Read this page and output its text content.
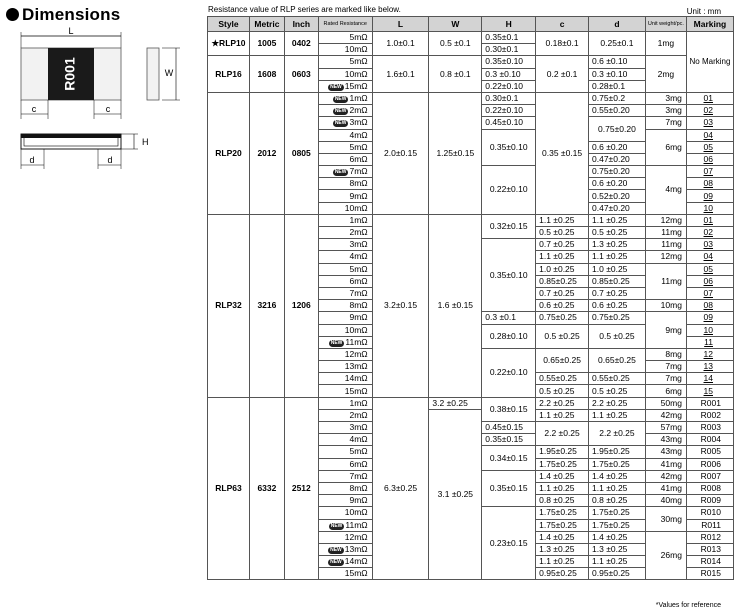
Dimensions	Resistance value of RLP series are marked like below.	Unit : mm
*Values for reference
L
R001
c	c
W
H
d	d
Style	Metric	Inch	Rated Resistance	L	W	H	c	d	Unit weight/pc.	Marking
★RLP10	1005	0402	5mΩ	1.0±0.1	0.5 ±0.1	0.35±0.1	0.18±0.1	0.25±0.1	1mg	No Marking
			10mΩ			0.30±0.1				
RLP16	1608	0603	5mΩ	1.6±0.1	0.8 ±0.1	0.35±0.10	0.2 ±0.1	0.6 ±0.10	2mg	
			10mΩ			0.3 ±0.10		0.3 ±0.10		
			NEW 15mΩ			0.22±0.10		0.28±0.1		
RLP20	2012	0805	NEW 1mΩ	2.0±0.15	1.25±0.15	0.30±0.1	0.35 ±0.15	0.75±0.2	3mg	01
			NEW 2mΩ			0.22±0.10		0.55±0.20	3mg	02
			NEW 3mΩ			0.45±0.10		0.75±0.20	7mg	03
			4mΩ			0.35±0.10			6mg	04
			5mΩ					0.6 ±0.20		05
			6mΩ					0.47±0.20		06
			NEW 7mΩ			0.22±0.10		0.75±0.20	4mg	07
			8mΩ					0.6 ±0.20		08
			9mΩ					0.52±0.20		09
			10mΩ					0.47±0.20		10
RLP32	3216	1206	1mΩ	3.2±0.15	1.6 ±0.15	0.32±0.15	1.1 ±0.25	1.1 ±0.25	12mg	01
			2mΩ				0.5 ±0.25	0.5 ±0.25	11mg	02
			3mΩ			0.35±0.10	0.7 ±0.25	1.3 ±0.25	11mg	03
			4mΩ				1.1 ±0.25	1.1 ±0.25	12mg	04
			5mΩ				1.0 ±0.25	1.0 ±0.25	11mg	05
			6mΩ				0.85±0.25	0.85±0.25		06
			7mΩ				0.7 ±0.25	0.7 ±0.25		07
			8mΩ				0.6 ±0.25	0.6 ±0.25	10mg	08
			9mΩ			0.3 ±0.1	0.75±0.25	0.75±0.25	9mg	09
			10mΩ			0.28±0.10	0.5 ±0.25	0.5 ±0.25		10
			NEW 11mΩ							11
			12mΩ			0.22±0.10	0.65±0.25	0.65±0.25	8mg	12
			13mΩ						7mg	13
			14mΩ				0.55±0.25	0.55±0.25	7mg	14
			15mΩ				0.5 ±0.25	0.5 ±0.25	6mg	15
RLP63	6332	2512	1mΩ	6.3±0.25	3.2 ±0.25	0.38±0.15	2.2 ±0.25	2.2 ±0.25	50mg	R001
			2mΩ		3.1 ±0.25		1.1 ±0.25	1.1 ±0.25	42mg	R002
			3mΩ			0.45±0.15	2.2 ±0.25	2.2 ±0.25	57mg	R003
			4mΩ			0.35±0.15			43mg	R004
			5mΩ			0.34±0.15	1.95±0.25	1.95±0.25	43mg	R005
			6mΩ				1.75±0.25	1.75±0.25	41mg	R006
			7mΩ			0.35±0.15	1.4 ±0.25	1.4 ±0.25	42mg	R007
			8mΩ				1.1 ±0.25	1.1 ±0.25	41mg	R008
			9mΩ				0.8 ±0.25	0.8 ±0.25	40mg	R009
			10mΩ			0.23±0.15	1.75±0.25	1.75±0.25	30mg	R010
			NEW 11mΩ				1.75±0.25	1.75±0.25		R011
			12mΩ				1.4 ±0.25	1.4 ±0.25	26mg	R012
			NEW 13mΩ				1.3 ±0.25	1.3 ±0.25		R013
			NEW 14mΩ				1.1 ±0.25	1.1 ±0.25		R014
			15mΩ				0.95±0.25	0.95±0.25		R015
